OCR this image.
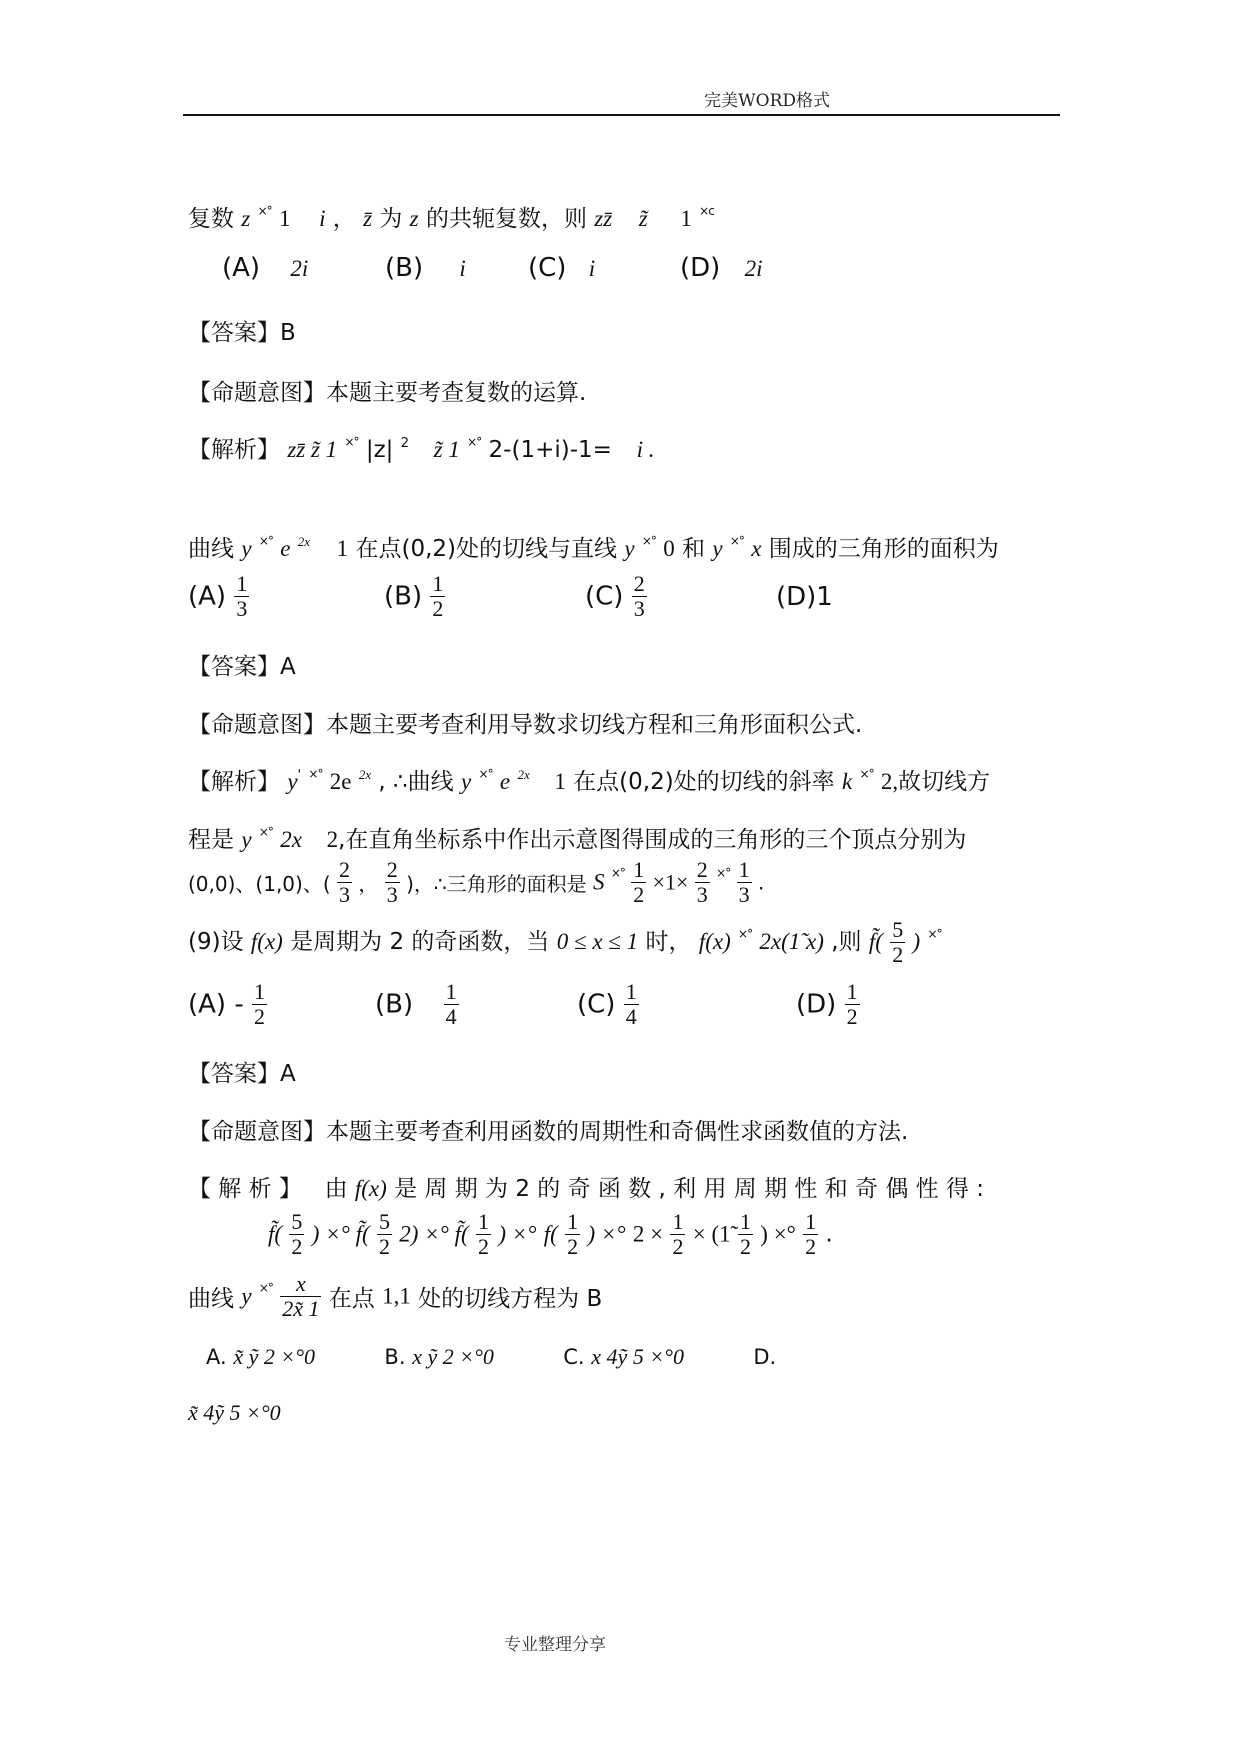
完美WORD格式
专业整理分享
复数 z ×° 1 i ， z̄ 为 z 的共轭复数，则 zz̄ z̃ 1 $^{\times c}$
(A) 2i	(B) i (C) i	(D) 2i
【答案】B
【命题意图】本题主要考查复数的运算.
【解析】 zz̄ z̃ 1 ×° |z| $^2$ z̃ 1 ×° 2-(1+i)-1= i .
曲线 y ×° e $^{2x}$ 1 在点(0,2)处的切线与直线 y ×° 0 和 y ×° x 围成的三角形的面积为
$(A) \frac{1}{3}$	$(B) \frac{1}{2}$	$(C) \frac{2}{3}$	(D)1
【答案】A
【命题意图】本题主要考查利用导数求切线方程和三角形面积公式.
【解析】 y' ×° 2e $^{2x}$ , ∴曲线 y ×° e $^{2x}$ 1 在点(0,2)处的切线的斜率 k ×° 2,故切线方
程是 y ×° 2x 2,在直角坐标系中作出示意图得围成的三角形的三个顶点分别为
(0,0)、(1,0)、( $\frac{2}{3}$ ， $\frac{2}{3}$ )，∴三角形的面积是 S $^{\times^\circ} \frac{1}{2} \times 1\times \frac{2}{3} ^{\times^\circ} \frac{1}{3}$ .
(9)设 f(x) 是周期为 2 的奇函数，当 0 ≤ x ≤ 1 时， f(x) ×° 2x(1̃ x) ,则 f̃( $\frac{5}{2}$ ) ×°
$(A) - \frac{1}{2}$	$(B) \frac{1}{4}$	$(C) \frac{1}{4}$	$(D) \frac{1}{2}$
【答案】A
【命题意图】本题主要考查利用函数的周期性和奇偶性求函数值的方法.
【 解 析 】 由 f(x) 是 周 期 为 2 的 奇 函 数 , 利 用 周 期 性 和 奇 偶 性 得 :
f̃( $\frac{5}{2}$ ) ×° f̃( $\frac{5}{2} 2$) ×° f̃( $\frac{1}{2}$ ) ×° $f( \frac{1}{2}$ ) ×° $2 \times \frac{1}{2}$ × (1̃ $\frac{1}{2}$ ) ×° $\frac{1}{2}$ .
曲线 y $^{\times^\circ} \frac{x}{2x̃ 1}$ 在点 1,1 处的切线方程为 B
A. x̃ ỹ 2 ×°0	B. x ỹ 2 ×°0	C. x 4ỹ 5 ×°0	D.
x̃ 4ỹ 5 ×°0
